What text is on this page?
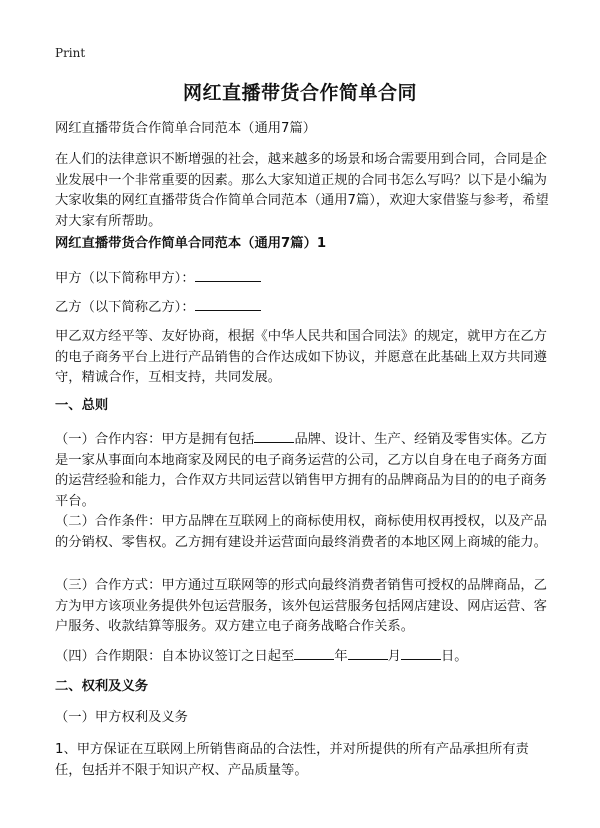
Print
网红直播带货合作简单合同

网红直播带货合作简单合同范本（通用7篇）

在人们的法律意识不断增强的社会，越来越多的场景和场合需要用到合同，合同是企业发展中一个非常重要的因素。那么大家知道正规的合同书怎么写吗？以下是小编为大家收集的网红直播带货合作简单合同范本（通用7篇），欢迎大家借鉴与参考，希望对大家有所帮助。

网红直播带货合作简单合同范本（通用7篇）1

甲方（以下简称甲方）：

乙方（以下简称乙方）：

甲乙双方经平等、友好协商，根据《中华人民共和国合同法》的规定，就甲方在乙方的电子商务平台上进行产品销售的合作达成如下协议，并愿意在此基础上双方共同遵守，精诚合作，互相支持，共同发展。

一、总则

（一）合作内容：甲方是拥有包括	品牌、设计、生产、经销及零售实体。乙方是一家从事面向本地商家及网民的电子商务运营的公司，乙方以自身在电子商务方面的运营经验和能力，合作双方共同运营以销售甲方拥有的品牌商品为目的的电子商务平台。

（二）合作条件：甲方品牌在互联网上的商标使用权，商标使用权再授权，以及产品的分销权、零售权。乙方拥有建设并运营面向最终消费者的本地区网上商城的能力。

（三）合作方式：甲方通过互联网等的形式向最终消费者销售可授权的品牌商品，乙方为甲方该项业务提供外包运营服务，该外包运营服务包括网店建设、网店运营、客户服务、收款结算等服务。双方建立电子商务战略合作关系。

（四）合作期限：自本协议签订之日起至	年	月	日。

二、权利及义务

（一）甲方权利及义务

1、甲方保证在互联网上所销售商品的合法性，并对所提供的所有产品承担所有责任，包括并不限于知识产权、产品质量等。
